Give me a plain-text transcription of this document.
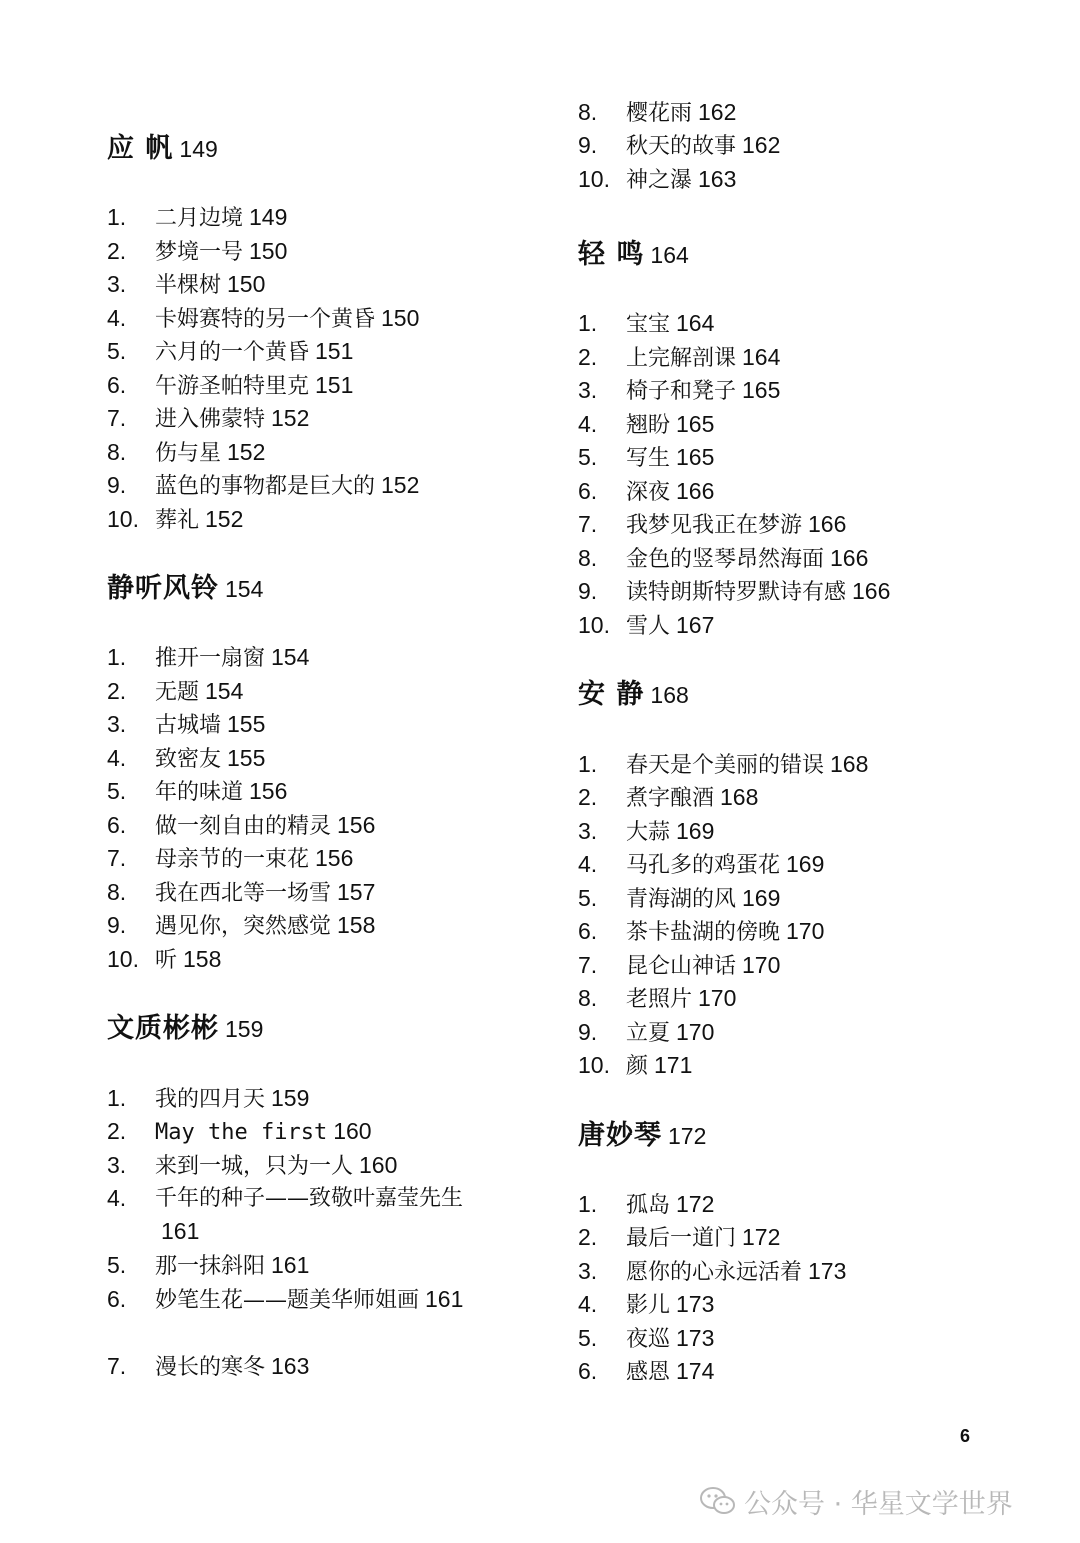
应 帆 149
1. 二月边境 149
2. 梦境一号 150
3. 半棵树 150
4. 卡姆赛特的另一个黄昏 150
5. 六月的一个黄昏 151
6. 午游圣帕特里克 151
7. 进入佛蒙特 152
8. 伤与星 152
9. 蓝色的事物都是巨大的 152
10. 葬礼 152
静听风铃 154
1. 推开一扇窗 154
2. 无题 154
3. 古城墙 155
4. 致密友 155
5. 年的味道 156
6. 做一刻自由的精灵 156
7. 母亲节的一束花 156
8. 我在西北等一场雪 157
9. 遇见你，突然感觉 158
10. 听 158
文质彬彬 159
1. 我的四月天 159
2. May the first 160
3. 来到一城，只为一人 160
4.	千年的种子——致敬叶嘉莹先生161
5. 那一抹斜阳 161
6.	妙笔生花——题美华师姐画 161
7. 漫长的寒冬 163
8. 樱花雨 162
9. 秋天的故事 162
10. 神之瀑 163
轻 鸣 164
1. 宝宝 164
2. 上完解剖课 164
3. 椅子和凳子 165
4. 翘盼 165
5. 写生 165
6. 深夜 166
7. 我梦见我正在梦游 166
8. 金色的竖琴昂然海面 166
9. 读特朗斯特罗默诗有感 166
10. 雪人 167
安 静 168
1. 春天是个美丽的错误 168
2. 煮字酿酒 168
3. 大蒜 169
4. 马孔多的鸡蛋花 169
5. 青海湖的风 169
6. 茶卡盐湖的傍晚 170
7. 昆仑山神话 170
8. 老照片 170
9. 立夏 170
10. 颜 171
唐妙琴 172
1. 孤岛 172
2. 最后一道门 172
3. 愿你的心永远活着 173
4. 影儿 173
5. 夜巡 173
6. 感恩 174
6
公众号 · 华星文学世界
